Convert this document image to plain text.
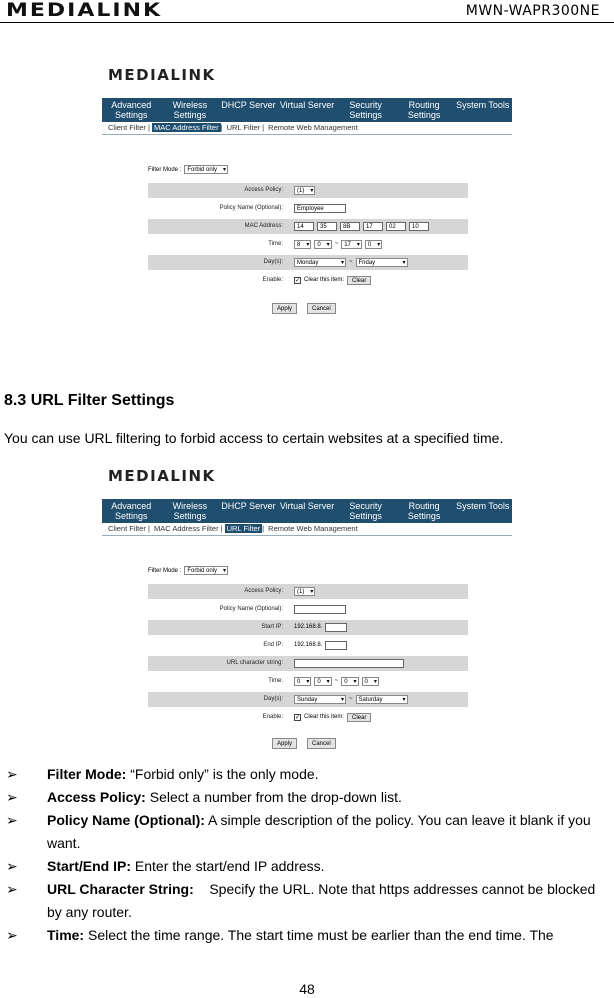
MEDIALINK	MWN-WAPR300NE
MEDIALINK
Advanced Settings
Wireless Settings
DHCP Server Virtual Server	Security Settings
Routing Settings
System Tools
Client Filter | MAC Address Filter | URL Filter | Remote Web Management
Filter Mode :	Forbid only ▾
Access Policy:	(1) ▾
Policy Name (Optional):	Employee
MAC Address:	14	35	8B	17	02	10
Time:	8 ▾	0 ▾	~	17 ▾	0 ▾
Day(s):	Monday ▾	~	Friday ▾
Enable: ✓ Clear this item:	Clear
Apply	Cancel
8.3 URL Filter Settings
You can use URL filtering to forbid access to certain websites at a specified time.
MEDIALINK
Advanced Settings
Wireless Settings
DHCP Server Virtual Server	Security Settings
Routing Settings
System Tools
Client Filter | MAC Address Filter | URL Filter | Remote Web Management
Filter Mode :	Forbid only ▾
Access Policy:	(1) ▾
Policy Name (Optional):
Start IP: 192.168.8.
End IP: 192.168.8.
URL character string:
Time:	0 ▾	0 ▾	~	0 ▾	0 ▾
Day(s):	Sunday ▾	~	Saturday ▾
Enable: ✓ Clear this item:	Clear
Apply	Cancel
➢ Filter Mode: “Forbid only” is the only mode.
➢ Access Policy: Select a number from the drop-down list.
➢ Policy Name (Optional): A simple description of the policy. You can leave it blank if you want.
➢ Start/End IP: Enter the start/end IP address.
➢ URL Character String:    Specify the URL. Note that https addresses cannot be blocked by any router.
➢ Time: Select the time range. The start time must be earlier than the end time. The
48
